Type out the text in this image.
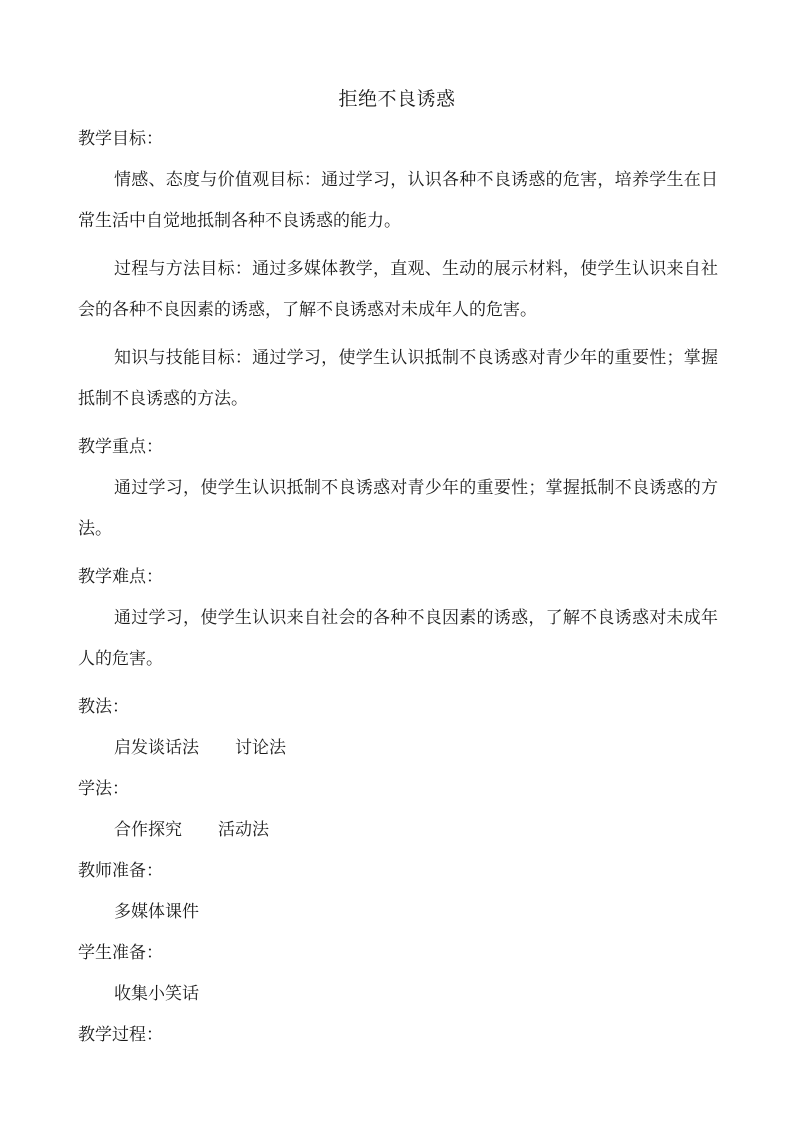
拒绝不良诱惑
教学目标：

情感、态度与价值观目标：通过学习，认识各种不良诱惑的危害，培养学生在日常生活中自觉地抵制各种不良诱惑的能力。

过程与方法目标：通过多媒体教学，直观、生动的展示材料，使学生认识来自社会的各种不良因素的诱惑，了解不良诱惑对未成年人的危害。

知识与技能目标：通过学习，使学生认识抵制不良诱惑对青少年的重要性；掌握抵制不良诱惑的方法。

教学重点：

通过学习，使学生认识抵制不良诱惑对青少年的重要性；掌握抵制不良诱惑的方法。

教学难点：

通过学习，使学生认识来自社会的各种不良因素的诱惑，了解不良诱惑对未成年人的危害。

教法：
启发谈话法 讨论法
学法：
合作探究 活动法
教师准备：
多媒体课件
学生准备：
收集小笑话
教学过程：
